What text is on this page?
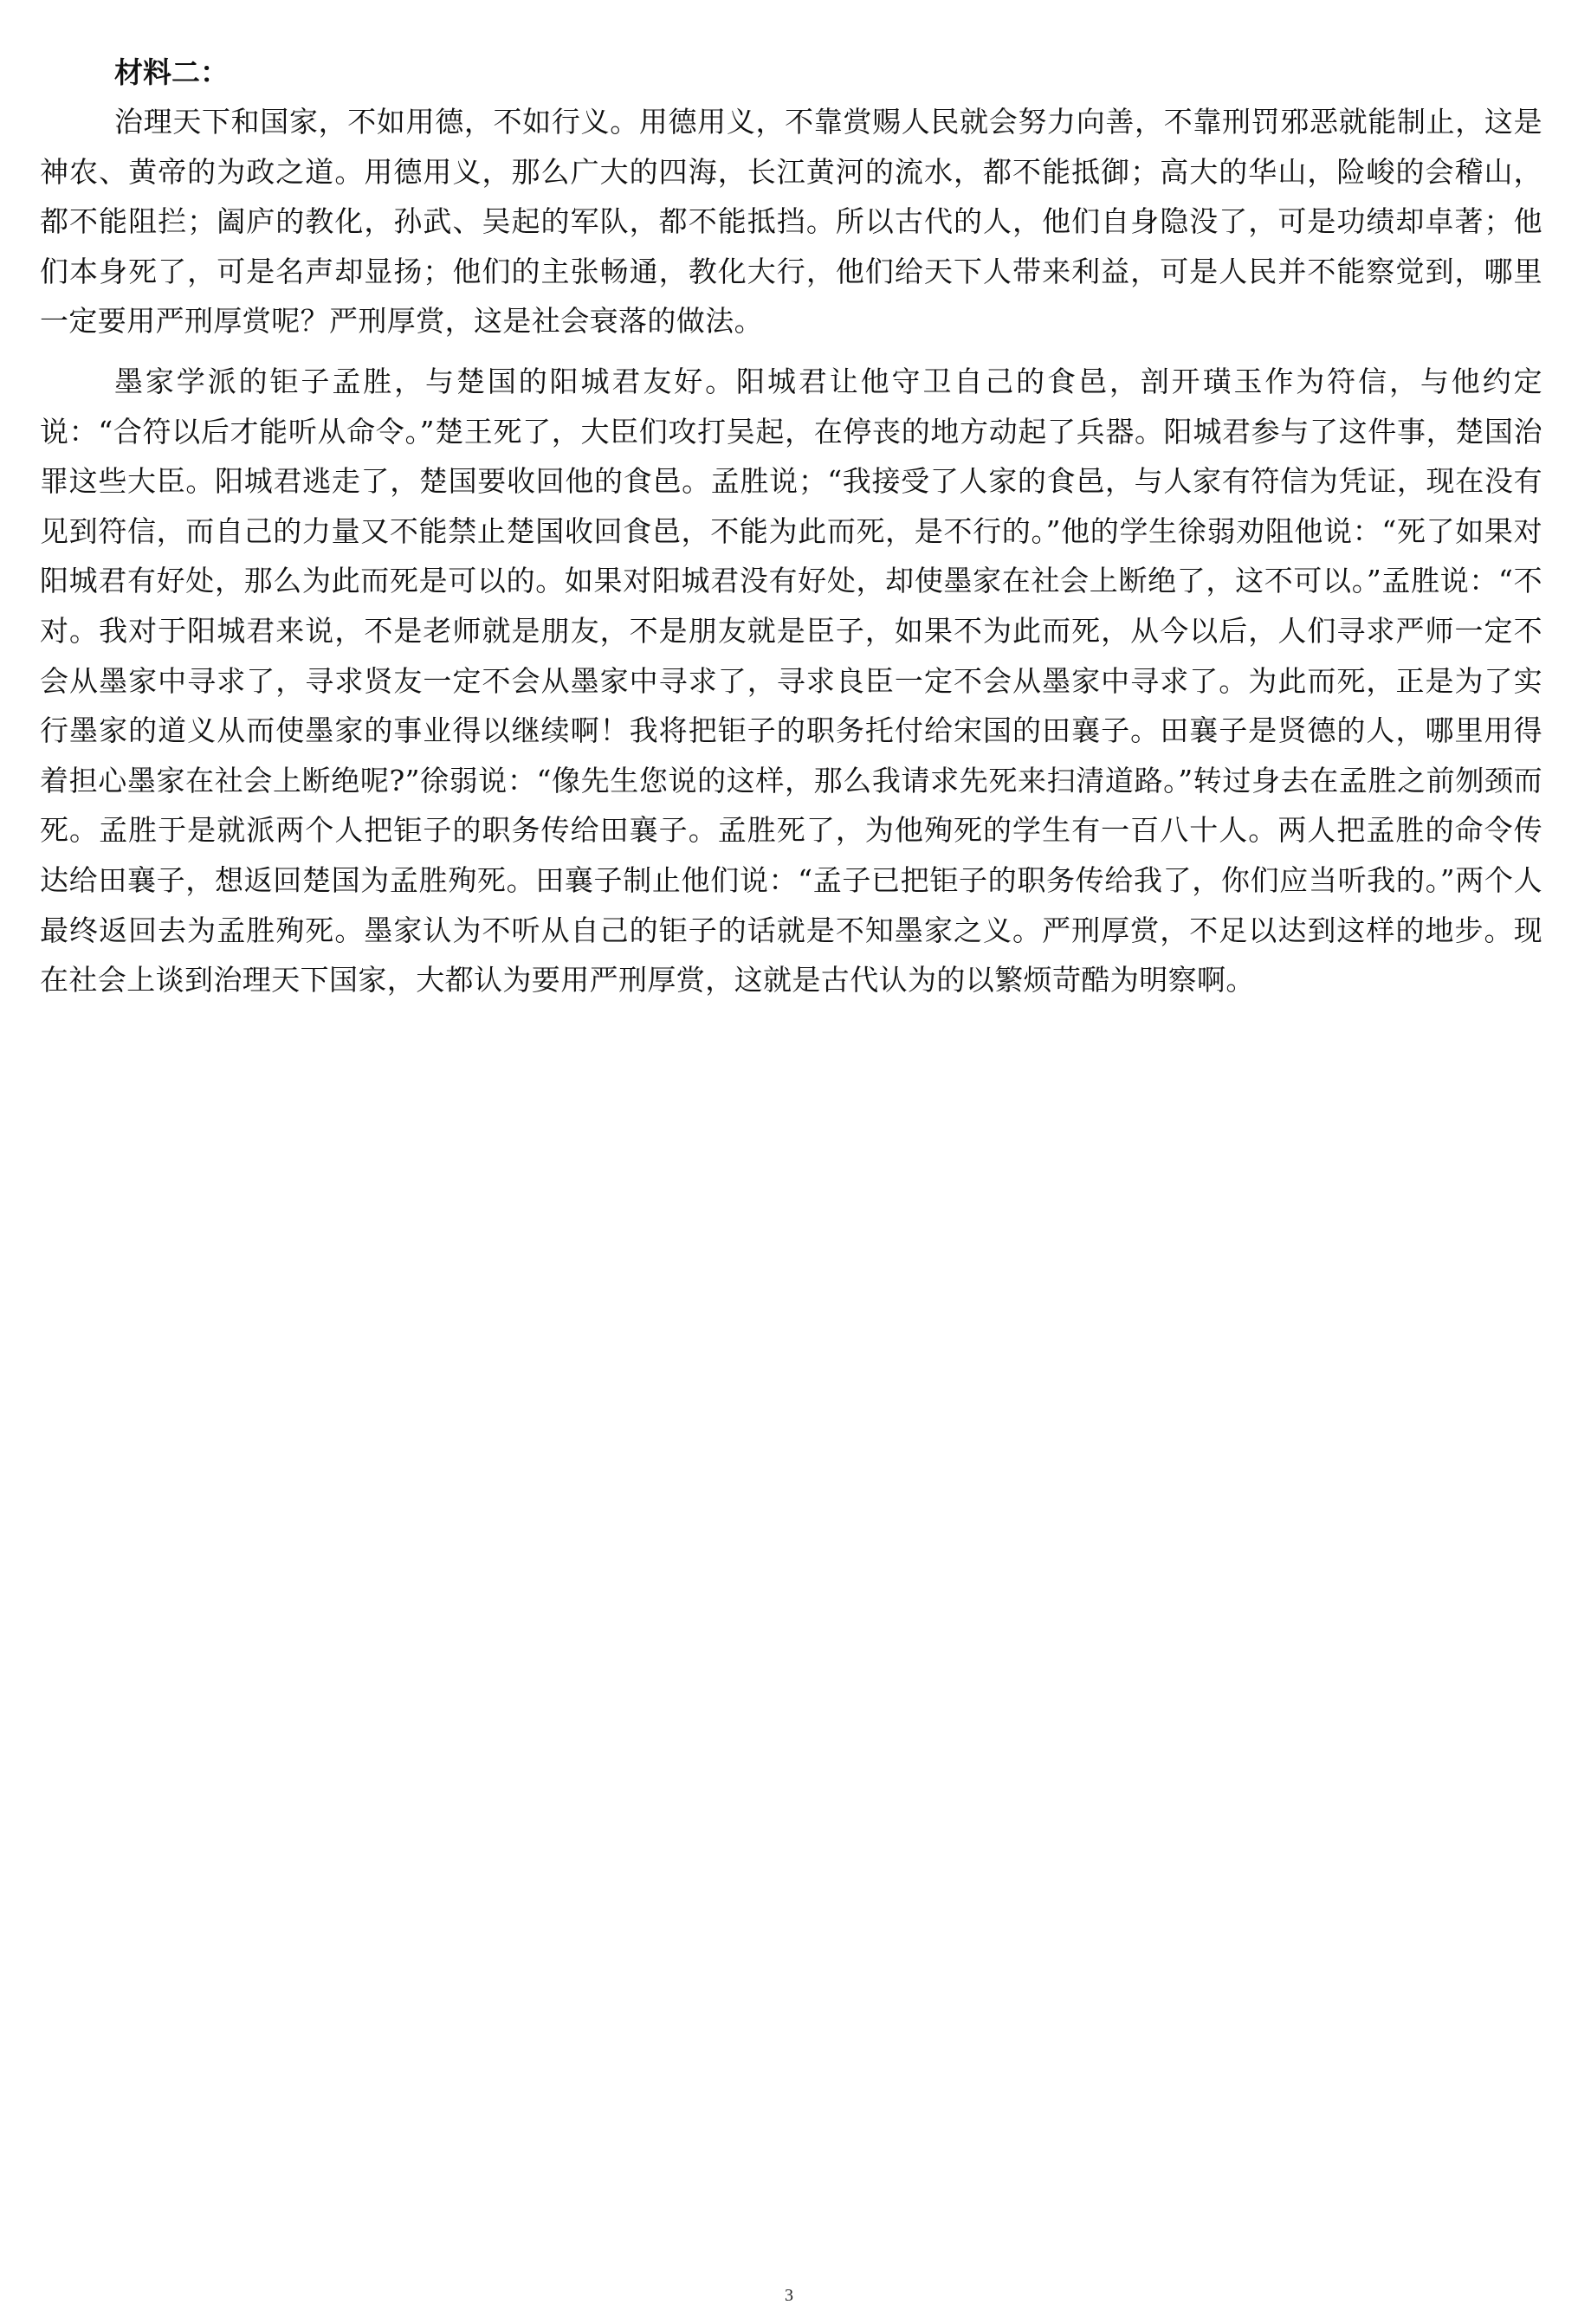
材料二：

治理天下和国家，不如用德，不如行义。用德用义，不靠赏赐人民就会努力向善，不靠刑罚邪恶就能制止，这是神农、黄帝的为政之道。用德用义，那么广大的四海，长江黄河的流水，都不能抵御；高大的华山，险峻的会稽山，都不能阻拦；阖庐的教化，孙武、吴起的军队，都不能抵挡。所以古代的人，他们自身隐没了，可是功绩却卓著；他们本身死了，可是名声却显扬；他们的主张畅通，教化大行，他们给天下人带来利益，可是人民并不能察觉到，哪里一定要用严刑厚赏呢？严刑厚赏，这是社会衰落的做法。

墨家学派的钜子孟胜，与楚国的阳城君友好。阳城君让他守卫自己的食邑，剖开璜玉作为符信，与他约定说：“合符以后才能听从命令。”楚王死了，大臣们攻打吴起，在停丧的地方动起了兵器。阳城君参与了这件事，楚国治罪这些大臣。阳城君逃走了，楚国要收回他的食邑。孟胜说；“我接受了人家的食邑，与人家有符信为凭证，现在没有见到符信，而自己的力量又不能禁止楚国收回食邑，不能为此而死，是不行的。”他的学生徐弱劝阻他说：“死了如果对阳城君有好处，那么为此而死是可以的。如果对阳城君没有好处，却使墨家在社会上断绝了，这不可以。”孟胜说：“不对。我对于阳城君来说，不是老师就是朋友，不是朋友就是臣子，如果不为此而死，从今以后，人们寻求严师一定不会从墨家中寻求了，寻求贤友一定不会从墨家中寻求了，寻求良臣一定不会从墨家中寻求了。为此而死，正是为了实行墨家的道义从而使墨家的事业得以继续啊！我将把钜子的职务托付给宋国的田襄子。田襄子是贤德的人，哪里用得着担心墨家在社会上断绝呢?”徐弱说：“像先生您说的这样，那么我请求先死来扫清道路。”转过身去在孟胜之前刎颈而死。孟胜于是就派两个人把钜子的职务传给田襄子。孟胜死了，为他殉死的学生有一百八十人。两人把孟胜的命令传达给田襄子，想返回楚国为孟胜殉死。田襄子制止他们说：“孟子已把钜子的职务传给我了，你们应当听我的。”两个人最终返回去为孟胜殉死。墨家认为不听从自己的钜子的话就是不知墨家之义。严刑厚赏，不足以达到这样的地步。现在社会上谈到治理天下国家，大都认为要用严刑厚赏，这就是古代认为的以繁烦苛酷为明察啊。

3
